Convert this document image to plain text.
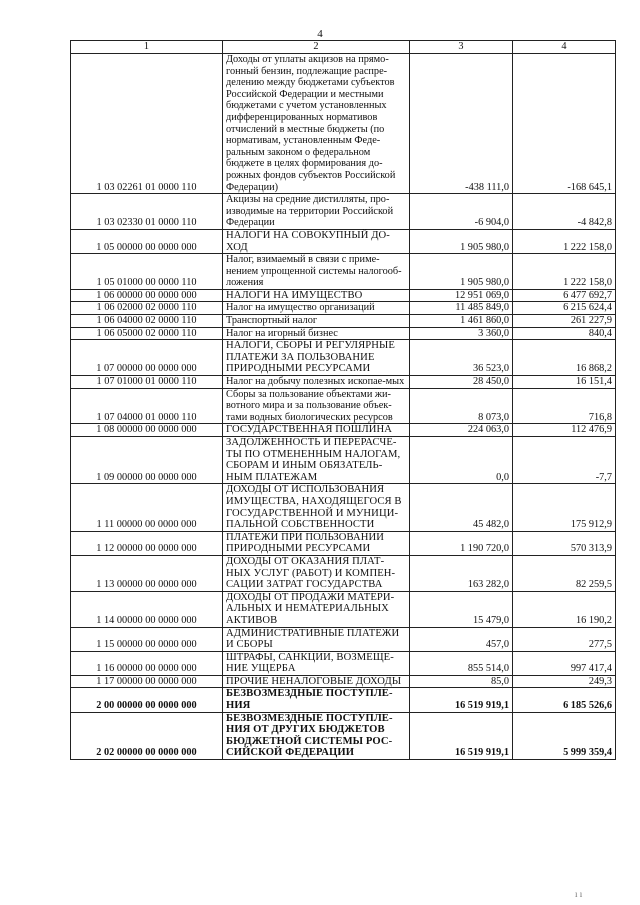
4
1	2	3	4
1 03 02261 01 0000 110	Доходы от уплаты акцизов на прямо-гонный бензин, подлежащие распре-делению между бюджетами субъектов Российской Федерации и местными бюджетами с учетом установленных дифференцированных нормативов отчислений в местные бюджеты (по нормативам, установленным Феде-ральным законом о федеральном бюджете в целях формирования до-рожных фондов субъектов Российской Федерации)	-438 111,0	-168 645,1
1 03 02330 01 0000 110	Акцизы на средние дистилляты, про-изводимые на территории Российской Федерации	-6 904,0	-4 842,8
1 05 00000 00 0000 000	НАЛОГИ НА СОВОКУПНЫЙ ДО-ХОД	1 905 980,0	1 222 158,0
1 05 01000 00 0000 110	Налог, взимаемый в связи с приме-нением упрощенной системы налогооб-ложения	1 905 980,0	1 222 158,0
1 06 00000 00 0000 000	НАЛОГИ НА ИМУЩЕСТВО	12 951 069,0	6 477 692,7
1 06 02000 02 0000 110	Налог на имущество организаций	11 485 849,0	6 215 624,4
1 06 04000 02 0000 110	Транспортный налог	1 461 860,0	261 227,9
1 06 05000 02 0000 110	Налог на игорный бизнес	3 360,0	840,4
1 07 00000 00 0000 000	НАЛОГИ, СБОРЫ И РЕГУЛЯРНЫЕ ПЛАТЕЖИ ЗА ПОЛЬЗОВАНИЕ ПРИРОДНЫМИ РЕСУРСАМИ	36 523,0	16 868,2
1 07 01000 01 0000 110	Налог на добычу полезных ископае-мых	28 450,0	16 151,4
1 07 04000 01 0000 110	Сборы за пользование объектами жи-вотного мира и за пользование объек-тами водных биологических ресурсов	8 073,0	716,8
1 08 00000 00 0000 000	ГОСУДАРСТВЕННАЯ ПОШЛИНА	224 063,0	112 476,9
1 09 00000 00 0000 000	ЗАДОЛЖЕННОСТЬ И ПЕРЕРАСЧЕ-ТЫ ПО ОТМЕНЕННЫМ НАЛОГАМ, СБОРАМ И ИНЫМ ОБЯЗАТЕЛЬ-НЫМ ПЛАТЕЖАМ	0,0	-7,7
1 11 00000 00 0000 000	ДОХОДЫ ОТ ИСПОЛЬЗОВАНИЯ ИМУЩЕСТВА, НАХОДЯЩЕГОСЯ В ГОСУДАРСТВЕННОЙ И МУНИЦИ-ПАЛЬНОЙ СОБСТВЕННОСТИ	45 482,0	175 912,9
1 12 00000 00 0000 000	ПЛАТЕЖИ ПРИ ПОЛЬЗОВАНИИ ПРИРОДНЫМИ РЕСУРСАМИ	1 190 720,0	570 313,9
1 13 00000 00 0000 000	ДОХОДЫ ОТ ОКАЗАНИЯ ПЛАТ-НЫХ УСЛУГ (РАБОТ) И КОМПЕН-САЦИИ ЗАТРАТ ГОСУДАРСТВА	163 282,0	82 259,5
1 14 00000 00 0000 000	ДОХОДЫ ОТ ПРОДАЖИ МАТЕРИ-АЛЬНЫХ И НЕМАТЕРИАЛЬНЫХ АКТИВОВ	15 479,0	16 190,2
1 15 00000 00 0000 000	АДМИНИСТРАТИВНЫЕ ПЛАТЕЖИ И СБОРЫ	457,0	277,5
1 16 00000 00 0000 000	ШТРАФЫ, САНКЦИИ, ВОЗМЕЩЕ-НИЕ УЩЕРБА	855 514,0	997 417,4
1 17 00000 00 0000 000	ПРОЧИЕ НЕНАЛОГОВЫЕ ДОХОДЫ	85,0	249,3
2 00 00000 00 0000 000	БЕЗВОЗМЕЗДНЫЕ ПОСТУПЛЕ-НИЯ	16 519 919,1	6 185 526,6
2 02 00000 00 0000 000	БЕЗВОЗМЕЗДНЫЕ ПОСТУПЛЕ-НИЯ ОТ ДРУГИХ БЮДЖЕТОВ БЮДЖЕТНОЙ СИСТЕМЫ РОС-СИЙСКОЙ ФЕДЕРАЦИИ	16 519 919,1	5 999 359,4
ı ı
